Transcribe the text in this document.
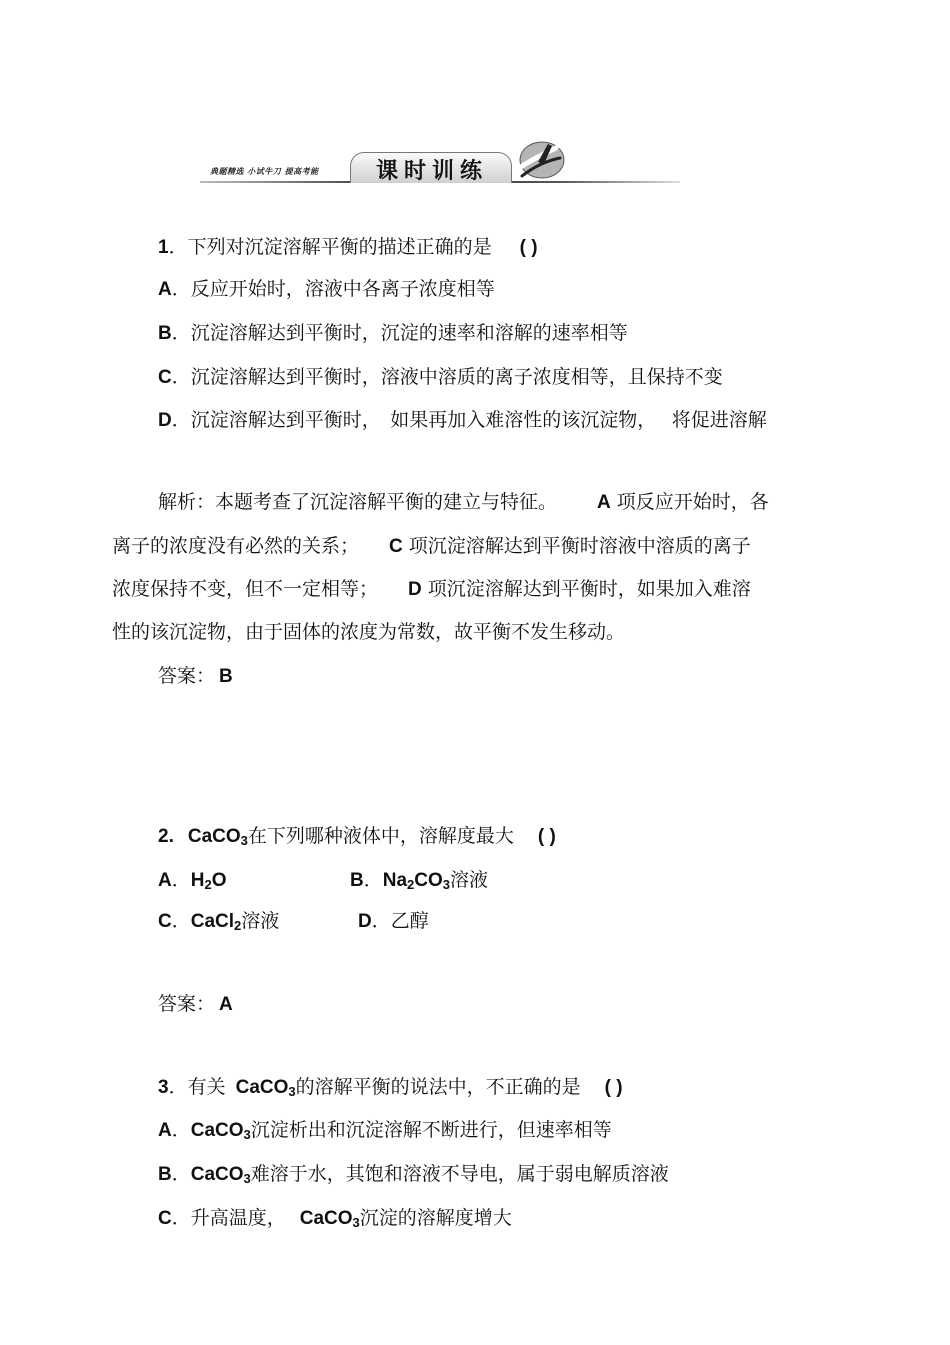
典题精选 小试牛刀 提高考能	课时训练
1．下列对沉淀溶解平衡的描述正确的是 ( )
A．反应开始时，溶液中各离子浓度相等
B．沉淀溶解达到平衡时，沉淀的速率和溶解的速率相等
C．沉淀溶解达到平衡时，溶液中溶质的离子浓度相等，且保持不变
D．沉淀溶解达到平衡时，　如果再加入难溶性的该沉淀物，　 将促进溶解
解析：本题考查了沉淀溶解平衡的建立与特征。 A 项反应开始时，各
离子的浓度没有必然的关系； C 项沉淀溶解达到平衡时溶液中溶质的离子
浓度保持不变，但不一定相等； D 项沉淀溶解达到平衡时，如果加入难溶
性的该沉淀物，由于固体的浓度为常数，故平衡不发生移动。
答案： B
2. CaCO$_3$在下列哪种液体中，溶解度最大 ( )
A．$H_2O$	B．$Na_2CO_3$溶液
C．CaCl$_2$溶液	D．乙醇
答案： A
3．有关 CaCO$_3$的溶解平衡的说法中，不正确的是 ( )
A．CaCO$_3$沉淀析出和沉淀溶解不断进行，但速率相等
B．CaCO$_3$难溶于水，其饱和溶液不导电，属于弱电解质溶液
C．升高温度， CaCO$_3$沉淀的溶解度增大
